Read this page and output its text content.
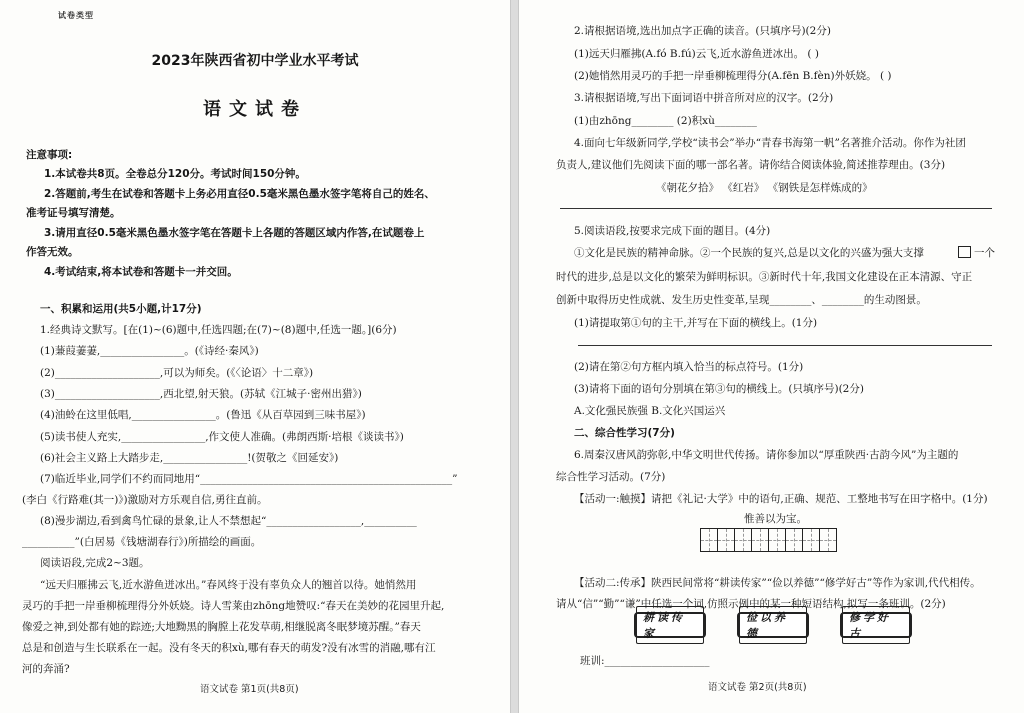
试卷类型
2023年陕西省初中学业水平考试
语文试卷
注意事项:
1.本试卷共8页。全卷总分120分。考试时间150分钟。
2.答题前,考生在试卷和答题卡上务必用直径0.5毫米黑色墨水签字笔将自己的姓名、
准考证号填写清楚。
3.请用直径0.5毫米黑色墨水签字笔在答题卡上各题的答题区域内作答,在试题卷上
作答无效。
4.考试结束,将本试卷和答题卡一并交回。
一、积累和运用(共5小题,计17分)
1.经典诗文默写。[在(1)~(6)题中,任选四题;在(7)~(8)题中,任选一题。](6分)
(1)蒹葭萋萋,________________。(《诗经·秦风》)
(2)____________________,可以为师矣。(《〈论语〉十二章》)
(3)____________________,西北望,射天狼。(苏轼《江城子·密州出猎》)
(4)油蛉在这里低唱,________________。(鲁迅《从百草园到三味书屋》)
(5)读书使人充实,________________,作文使人准确。(弗朗西斯·培根《谈读书》)
(6)社会主义路上大踏步走,________________!(贺敬之《回延安》)
(7)临近毕业,同学们不约而同地用“________________________________________________”
(李白《行路难(其一)》)激励对方乐观自信,勇往直前。
(8)漫步湖边,看到禽鸟忙碌的景象,让人不禁想起“__________________,__________
__________”(白居易《钱塘湖春行》)所描绘的画面。
阅读语段,完成2~3题。
“远天归雁拂云飞,近水游鱼迸冰出。”春风终于没有辜负众人的翘首以待。她悄然用
灵巧的手把一岸垂柳梳理得分外妖娆。诗人雪莱由zhōng地赞叹:“春天在美妙的花园里升起,
像爱之神,到处都有她的踪迹;大地黝黑的胸膛上花发草萌,相继脱离冬眠梦境苏醒。”春天
总是和创造与生长联系在一起。没有冬天的积xù,哪有春天的萌发?没有冰雪的消融,哪有江
河的奔涌?
2.请根据语境,选出加点字正确的读音。(只填序号)(2分)
(1)远天归雁拂(A.fó B.fú)云飞,近水游鱼迸冰出。 ( )
(2)她悄然用灵巧的手把一岸垂柳梳理得分(A.fēn B.fèn)外妖娆。 ( )
3.请根据语境,写出下面词语中拼音所对应的汉字。(2分)
(1)由zhōng________ (2)积xù________
4.面向七年级新同学,学校“读书会”举办“青春书海第一帆”名著推介活动。你作为社团
负责人,建议他们先阅读下面的哪一部名著。请你结合阅读体验,简述推荐理由。(3分)
《朝花夕拾》 《红岩》 《钢铁是怎样炼成的》
5.阅读语段,按要求完成下面的题目。(4分)
①文化是民族的精神命脉。②一个民族的复兴,总是以文化的兴盛为强大支撑
时代的进步,总是以文化的繁荣为鲜明标识。③新时代十年,我国文化建设在正本清源、守正
创新中取得历史性成就、发生历史性变革,呈现________、________的生动图景。
(1)请提取第①句的主干,并写在下面的横线上。(1分)
(2)请在第②句方框内填入恰当的标点符号。(1分)
(3)请将下面的语句分别填在第③句的横线上。(只填序号)(2分)
A.文化强民族强 B.文化兴国运兴
二、综合性学习(7分)
6.周秦汉唐风韵弥彰,中华文明世代传扬。请你参加以“厚重陕西·古韵今风”为主题的
综合性学习活动。(7分)
【活动一:触摸】请把《礼记·大学》中的语句,正确、规范、工整地书写在田字格中。(1分)
惟善以为宝。
【活动二:传承】陕西民间常将“耕读传家”“俭以养德”“修学好古”等作为家训,代代相传。
请从“信”“勤”“谦”中任选一个词,仿照示例中的某一种短语结构,拟写一条班训。(2分)
班训:____________________
语文试卷 第1页(共8页)	语文试卷 第2页(共8页)
一个
耕读传家
俭以养德
修学好古
